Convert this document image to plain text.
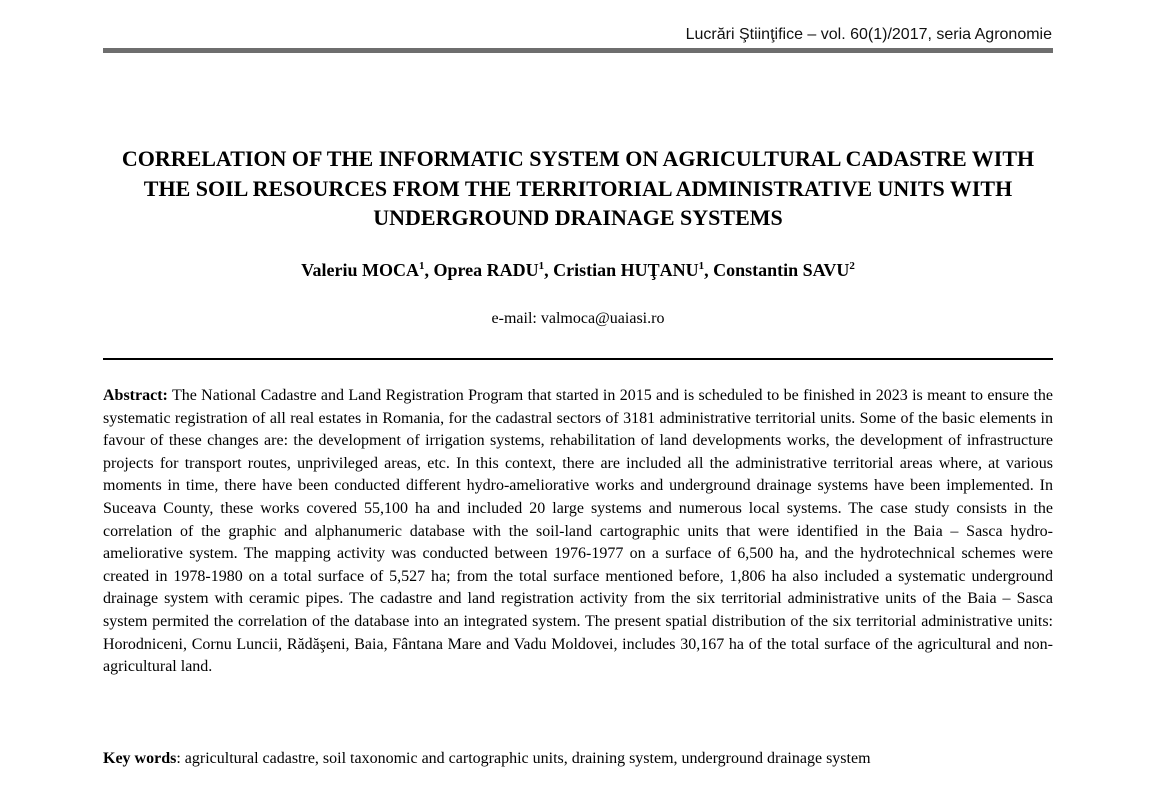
Lucrări Ştiinţifice – vol. 60(1)/2017, seria Agronomie
CORRELATION OF THE INFORMATIC SYSTEM ON AGRICULTURAL CADASTRE WITH THE SOIL RESOURCES FROM THE TERRITORIAL ADMINISTRATIVE UNITS WITH UNDERGROUND DRAINAGE SYSTEMS
Valeriu MOCA$^1$, Oprea RADU$^1$, Cristian HUŢANU$^1$, Constantin SAVU$^2$
e-mail: valmoca@uaiasi.ro

Abstract: The National Cadastre and Land Registration Program that started in 2015 and is scheduled to be finished in 2023 is meant to ensure the systematic registration of all real estates in Romania, for the cadastral sectors of 3181 administrative territorial units. Some of the basic elements in favour of these changes are: the development of irrigation systems, rehabilitation of land developments works, the development of infrastructure projects for transport routes, unprivileged areas, etc. In this context, there are included all the administrative territorial areas where, at various moments in time, there have been conducted different hydro-ameliorative works and underground drainage systems have been implemented. In Suceava County, these works covered 55,100 ha and included 20 large systems and numerous local systems. The case study consists in the correlation of the graphic and alphanumeric database with the soil-land cartographic units that were identified in the Baia – Sasca hydro-ameliorative system. The mapping activity was conducted between 1976-1977 on a surface of 6,500 ha, and the hydrotechnical schemes were created in 1978-1980 on a total surface of 5,527 ha; from the total surface mentioned before, 1,806 ha also included a systematic underground drainage system with ceramic pipes. The cadastre and land registration activity from the six territorial administrative units of the Baia – Sasca system permited the correlation of the database into an integrated system. The present spatial distribution of the six territorial administrative units: Horodniceni, Cornu Luncii, Rădăşeni, Baia, Fântana Mare and Vadu Moldovei, includes 30,167 ha of the total surface of the agricultural and non-agricultural land.

Key words: agricultural cadastre, soil taxonomic and cartographic units, draining system, underground drainage system
